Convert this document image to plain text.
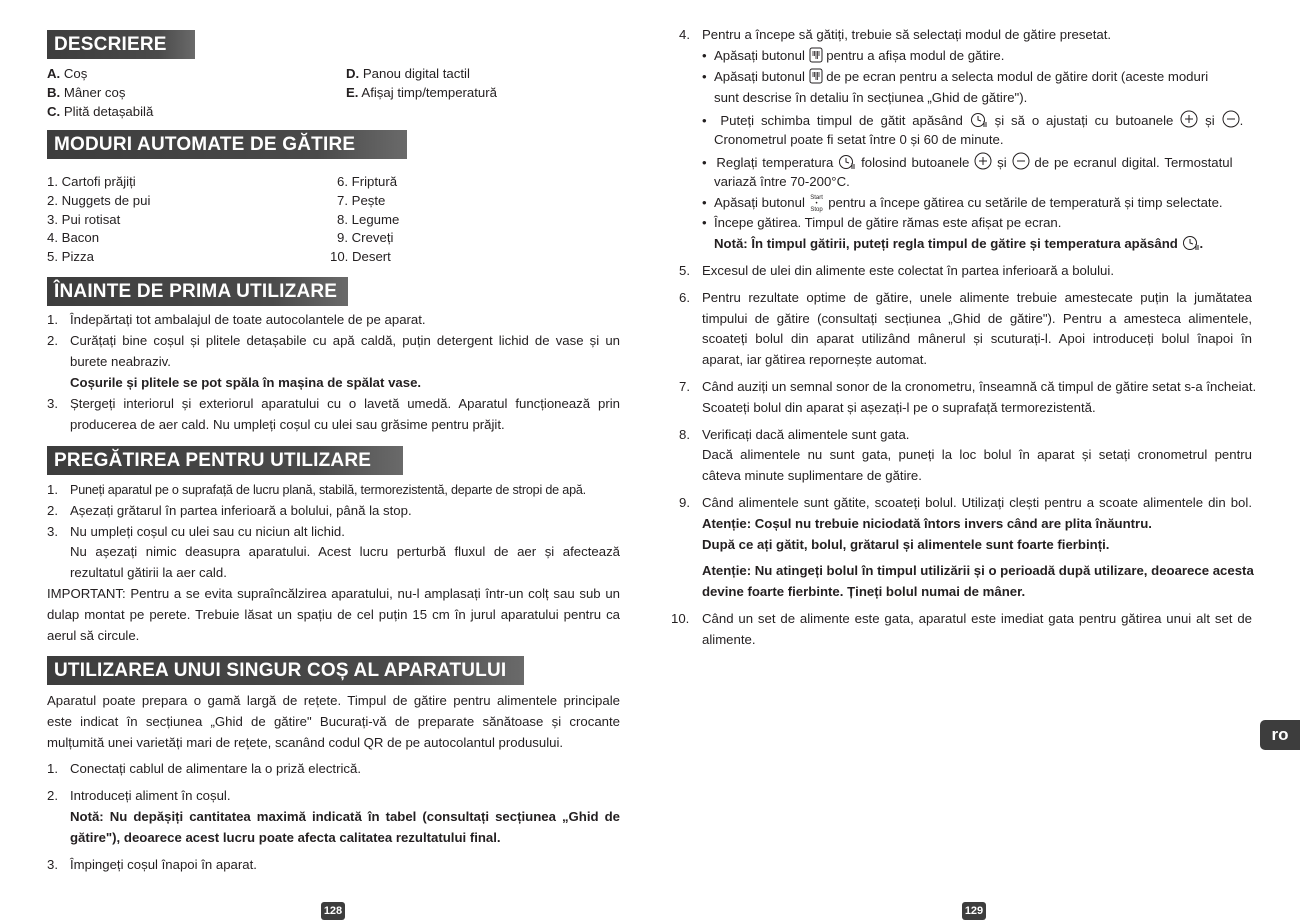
DESCRIERE
A. Coș
B. Mâner coș
C. Plită detașabilă
D. Panou digital tactil
E. Afișaj timp/temperatură
MODURI AUTOMATE DE GĂTIRE
1. Cartofi prăjiți
2. Nuggets de pui
3. Pui rotisat
4. Bacon
5. Pizza
6. Friptură
7. Pește
8. Legume
9. Creveți
10. Desert
ÎNAINTE DE PRIMA UTILIZARE
1. Îndepărtați tot ambalajul de toate autocolantele de pe aparat.
2. Curățați bine coșul și plitele detașabile cu apă caldă, puțin detergent lichid de vase și un
burete neabraziv.
Coșurile și plitele se pot spăla în mașina de spălat vase.
3. Ștergeți interiorul și exteriorul aparatului cu o lavetă umedă. Aparatul funcționează prin
producerea de aer cald. Nu umpleți coșul cu ulei sau grăsime pentru prăjit.
PREGĂTIREA PENTRU UTILIZARE
1. Puneți aparatul pe o suprafață de lucru plană, stabilă, termorezistentă, departe de stropi de apă.
2. Așezați grătarul în partea inferioară a bolului, până la stop.
3. Nu umpleți coșul cu ulei sau cu niciun alt lichid.
Nu așezați nimic deasupra aparatului. Acest lucru perturbă fluxul de aer și afectează
rezultatul gătirii la aer cald.
IMPORTANT: Pentru a se evita supraîncălzirea aparatului, nu-l amplasați într-un colț sau sub un
dulap montat pe perete. Trebuie lăsat un spațiu de cel puțin 15 cm în jurul aparatului pentru ca
aerul să circule.
UTILIZAREA UNUI SINGUR COȘ AL APARATULUI
Aparatul poate prepara o gamă largă de rețete. Timpul de gătire pentru alimentele principale
este indicat în secțiunea „Ghid de gătire" Bucurați-vă de preparate sănătoase și crocante
mulțumită unei varietăți mari de rețete, scanând codul QR de pe autocolantul produsului.
1. Conectați cablul de alimentare la o priză electrică.
2. Introduceți aliment în coșul.
Notă: Nu depășiți cantitatea maximă indicată în tabel (consultați secțiunea „Ghid de
gătire"), deoarece acest lucru poate afecta calitatea rezultatului final.
3. Împingeți coșul înapoi în aparat.
128
4. Pentru a începe să gătiți, trebuie să selectați modul de gătire presetat.
•  Apăsați butonul pentru a afișa modul de gătire.
•  Apăsați butonul de pe ecran pentru a selecta modul de gătire dorit (aceste moduri
sunt descrise în detaliu în secțiunea „Ghid de gătire").
•  Puteți schimba timpul de gătit apăsând și să o ajustați cu butoanele și .
Cronometrul poate fi setat între 0 și 60 de minute.
•  Reglați temperatura folosind butoanele și de pe ecranul digital. Termostatul
variază între 70-200°C.
•  Apăsați butonul Start
•
Stop pentru a începe gătirea cu setările de temperatură și timp selectate.
•  Începe gătirea. Timpul de gătire rămas este afișat pe ecran.
Notă: În timpul gătirii, puteți regla timpul de gătire și temperatura apăsând .
5. Excesul de ulei din alimente este colectat în partea inferioară a bolului.
6. Pentru rezultate optime de gătire, unele alimente trebuie amestecate puțin la jumătatea
timpului de gătire (consultați secțiunea „Ghid de gătire"). Pentru a amesteca alimentele,
scoateți bolul din aparat utilizând mânerul și scuturați-l. Apoi introduceți bolul înapoi în
aparat, iar gătirea repornește automat.
7. Când auziți un semnal sonor de la cronometru, înseamnă că timpul de gătire setat s-a încheiat.
Scoateți bolul din aparat și așezați-l pe o suprafață termorezistentă.
8. Verificați dacă alimentele sunt gata.
Dacă alimentele nu sunt gata, puneți la loc bolul în aparat și setați cronometrul pentru
câteva minute suplimentare de gătire.
9. Când alimentele sunt gătite, scoateți bolul. Utilizați clești pentru a scoate alimentele din bol.
Atenție: Coșul nu trebuie niciodată întors invers când are plita înăuntru.
După ce ați gătit, bolul, grătarul și alimentele sunt foarte fierbinți.
Atenție: Nu atingeți bolul în timpul utilizării și o perioadă după utilizare, deoarece acesta
devine foarte fierbinte. Țineți bolul numai de mâner.
10. Când un set de alimente este gata, aparatul este imediat gata pentru gătirea unui alt set de
alimente.
129
ro
